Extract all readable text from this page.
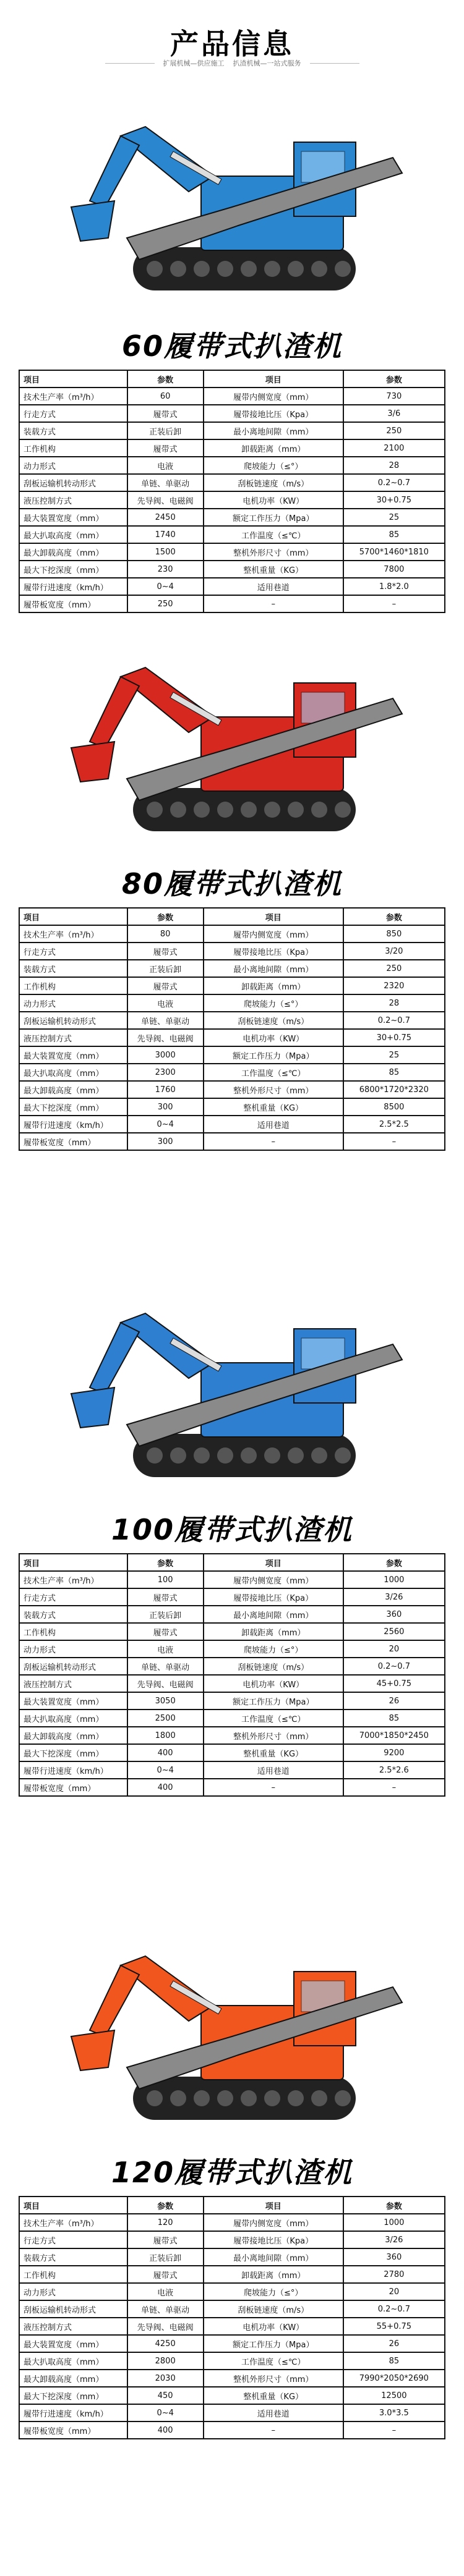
产品信息
扩展机械—供应施工 扒渣机械—一站式服务
60履带式扒渣机
项目	参数	项目	参数
技术生产率（m³/h）	60	履带内侧宽度（mm）	730
行走方式	履带式	履带接地比压（Kpa）	3/6
装载方式	正装后卸	最小离地间隙（mm）	250
工作机构	履带式	卸载距离（mm）	2100
动力形式	电液	爬坡能力（≤°）	28
刮板运输机转动形式	单链、单驱动	刮板链速度（m/s）	0.2~0.7
液压控制方式	先导阀、电磁阀	电机功率（KW）	30+0.75
最大装置宽度（mm）	2450	额定工作压力（Mpa）	25
最大扒取高度（mm）	1740	工作温度（≤℃）	85
最大卸载高度（mm）	1500	整机外形尺寸（mm）	5700*1460*1810
最大下挖深度（mm）	230	整机重量（KG）	7800
履带行进速度（km/h）	0~4	适用巷道	1.8*2.0
履带板宽度（mm）	250	–	–
ZWY-80/30
80履带式扒渣机
项目	参数	项目	参数
技术生产率（m³/h）	80	履带内侧宽度（mm）	850
行走方式	履带式	履带接地比压（Kpa）	3/20
装载方式	正装后卸	最小离地间隙（mm）	250
工作机构	履带式	卸载距离（mm）	2320
动力形式	电液	爬坡能力（≤°）	28
刮板运输机转动形式	单链、单驱动	刮板链速度（m/s）	0.2~0.7
液压控制方式	先导阀、电磁阀	电机功率（KW）	30+0.75
最大装置宽度（mm）	3000	额定工作压力（Mpa）	25
最大扒取高度（mm）	2300	工作温度（≤℃）	85
最大卸载高度（mm）	1760	整机外形尺寸（mm）	6800*1720*2320
最大下挖深度（mm）	300	整机重量（KG）	8500
履带行进速度（km/h）	0~4	适用巷道	2.5*2.5
履带板宽度（mm）	300	–	–
100履带式扒渣机
项目	参数	项目	参数
技术生产率（m³/h）	100	履带内侧宽度（mm）	1000
行走方式	履带式	履带接地比压（Kpa）	3/26
装载方式	正装后卸	最小离地间隙（mm）	360
工作机构	履带式	卸载距离（mm）	2560
动力形式	电液	爬坡能力（≤°）	20
刮板运输机转动形式	单链、单驱动	刮板链速度（m/s）	0.2~0.7
液压控制方式	先导阀、电磁阀	电机功率（KW）	45+0.75
最大装置宽度（mm）	3050	额定工作压力（Mpa）	26
最大扒取高度（mm）	2500	工作温度（≤℃）	85
最大卸载高度（mm）	1800	整机外形尺寸（mm）	7000*1850*2450
最大下挖深度（mm）	400	整机重量（KG）	9200
履带行进速度（km/h）	0~4	适用巷道	2.5*2.6
履带板宽度（mm）	400	–	–
ZWY-120
120履带式扒渣机
项目	参数	项目	参数
技术生产率（m³/h）	120	履带内侧宽度（mm）	1000
行走方式	履带式	履带接地比压（Kpa）	3/26
装载方式	正装后卸	最小离地间隙（mm）	360
工作机构	履带式	卸载距离（mm）	2780
动力形式	电液	爬坡能力（≤°）	20
刮板运输机转动形式	单链、单驱动	刮板链速度（m/s）	0.2~0.7
液压控制方式	先导阀、电磁阀	电机功率（KW）	55+0.75
最大装置宽度（mm）	4250	额定工作压力（Mpa）	26
最大扒取高度（mm）	2800	工作温度（≤℃）	85
最大卸载高度（mm）	2030	整机外形尺寸（mm）	7990*2050*2690
最大下挖深度（mm）	450	整机重量（KG）	12500
履带行进速度（km/h）	0~4	适用巷道	3.0*3.5
履带板宽度（mm）	400	–	–
